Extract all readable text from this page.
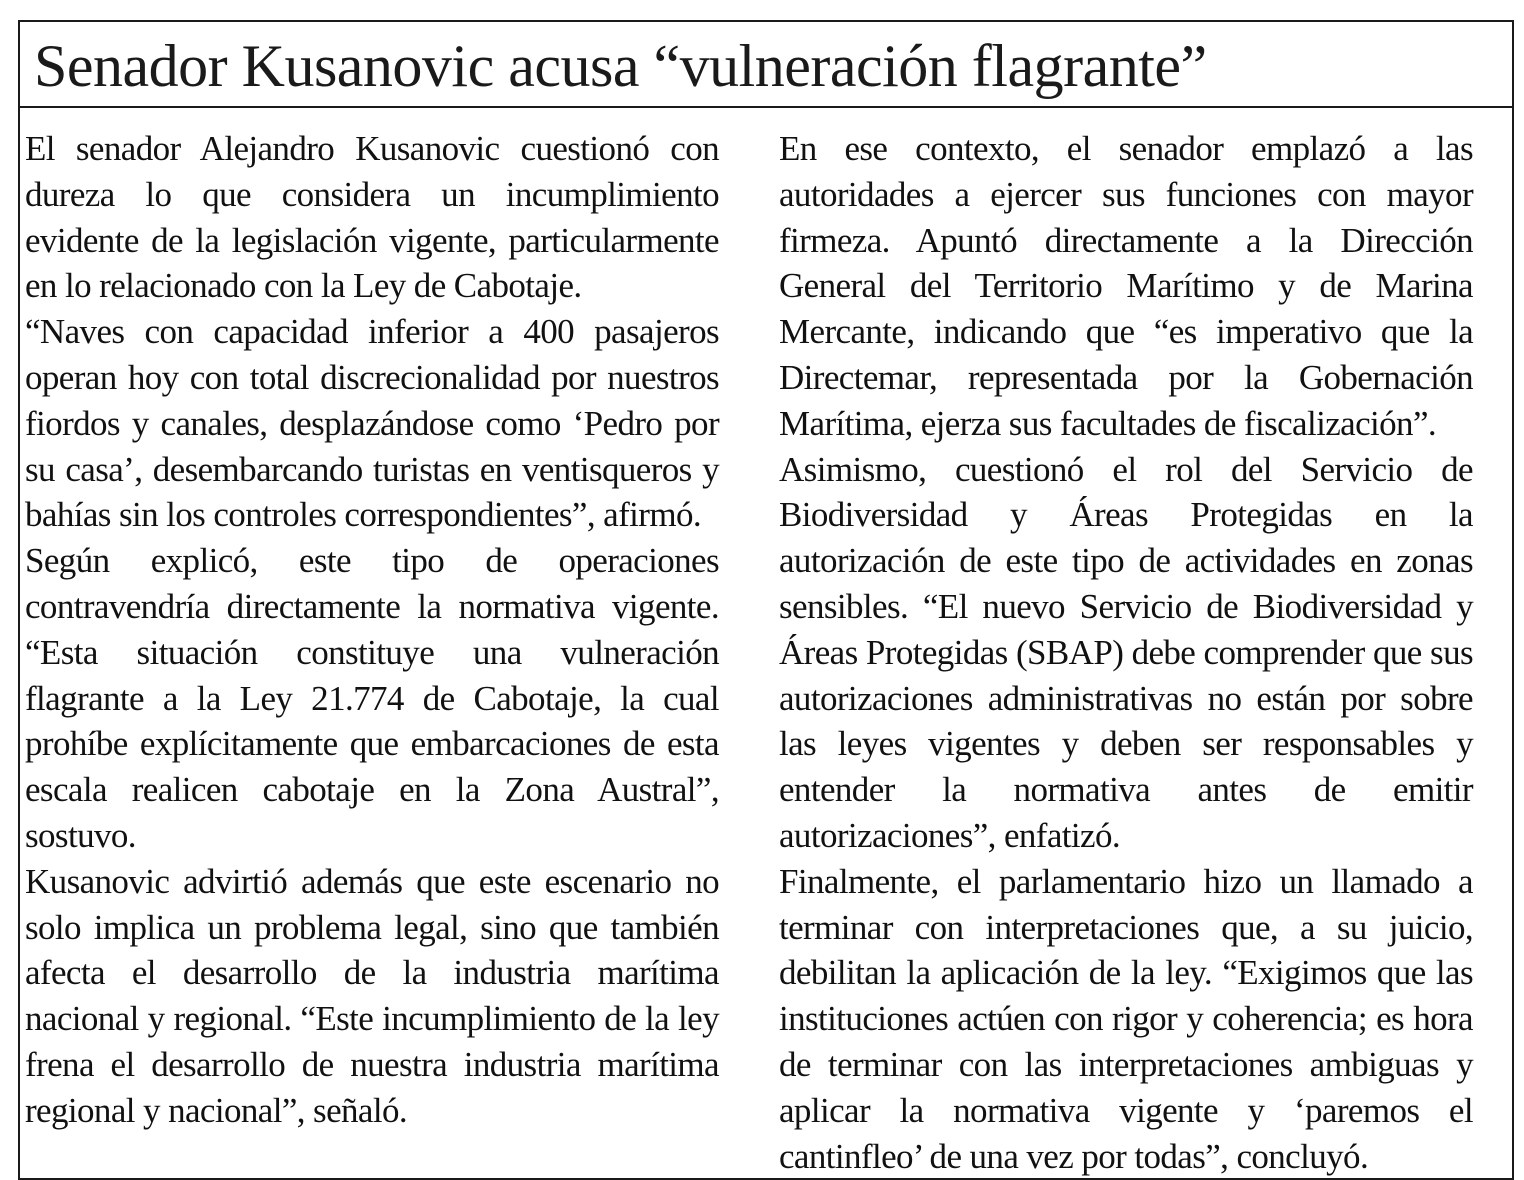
Senador Kusanovic acusa “vulneración flagrante”

El senador Alejandro Kusanovic cuestionó con dureza lo que considera un incumplimiento evidente de la legislación vigente, particularmente en lo relacionado con la Ley de Cabotaje.

“Naves con capacidad inferior a 400 pasajeros operan hoy con total discrecionalidad por nuestros fiordos y canales, desplazándose como ‘Pedro por su casa’, desembarcando turistas en ventisqueros y bahías sin los controles correspondientes”, afirmó.

Según explicó, este tipo de operaciones contravendría directamente la normativa vigente. “Esta situación constituye una vulneración flagrante a la Ley 21.774 de Cabotaje, la cual prohíbe explícitamente que embarcaciones de esta escala realicen cabotaje en la Zona Austral”, sostuvo.

Kusanovic advirtió además que este escenario no solo implica un problema legal, sino que también afecta el desarrollo de la industria marítima nacional y regional. “Este incumplimiento de la ley frena el desarrollo de nuestra industria marítima regional y nacional”, señaló.

En ese contexto, el senador emplazó a las autoridades a ejercer sus funciones con mayor firmeza. Apuntó directamente a la Dirección General del Territorio Marítimo y de Marina Mercante, indicando que “es imperativo que la Directemar, representada por la Gobernación Marítima, ejerza sus facultades de fiscalización”.

Asimismo, cuestionó el rol del Servicio de Biodiversidad y Áreas Protegidas en la autorización de este tipo de actividades en zonas sensibles. “El nuevo Servicio de Biodiversidad y Áreas Protegidas (SBAP) debe comprender que sus autorizaciones administrativas no están por sobre las leyes vigentes y deben ser responsables y entender la normativa antes de emitir autorizaciones”, enfatizó.

Finalmente, el parlamentario hizo un llamado a terminar con interpretaciones que, a su juicio, debilitan la aplicación de la ley. “Exigimos que las instituciones actúen con rigor y coherencia; es hora de terminar con las interpretaciones ambiguas y aplicar la normativa vigente y ‘paremos el cantinfleo’ de una vez por todas”, concluyó.
